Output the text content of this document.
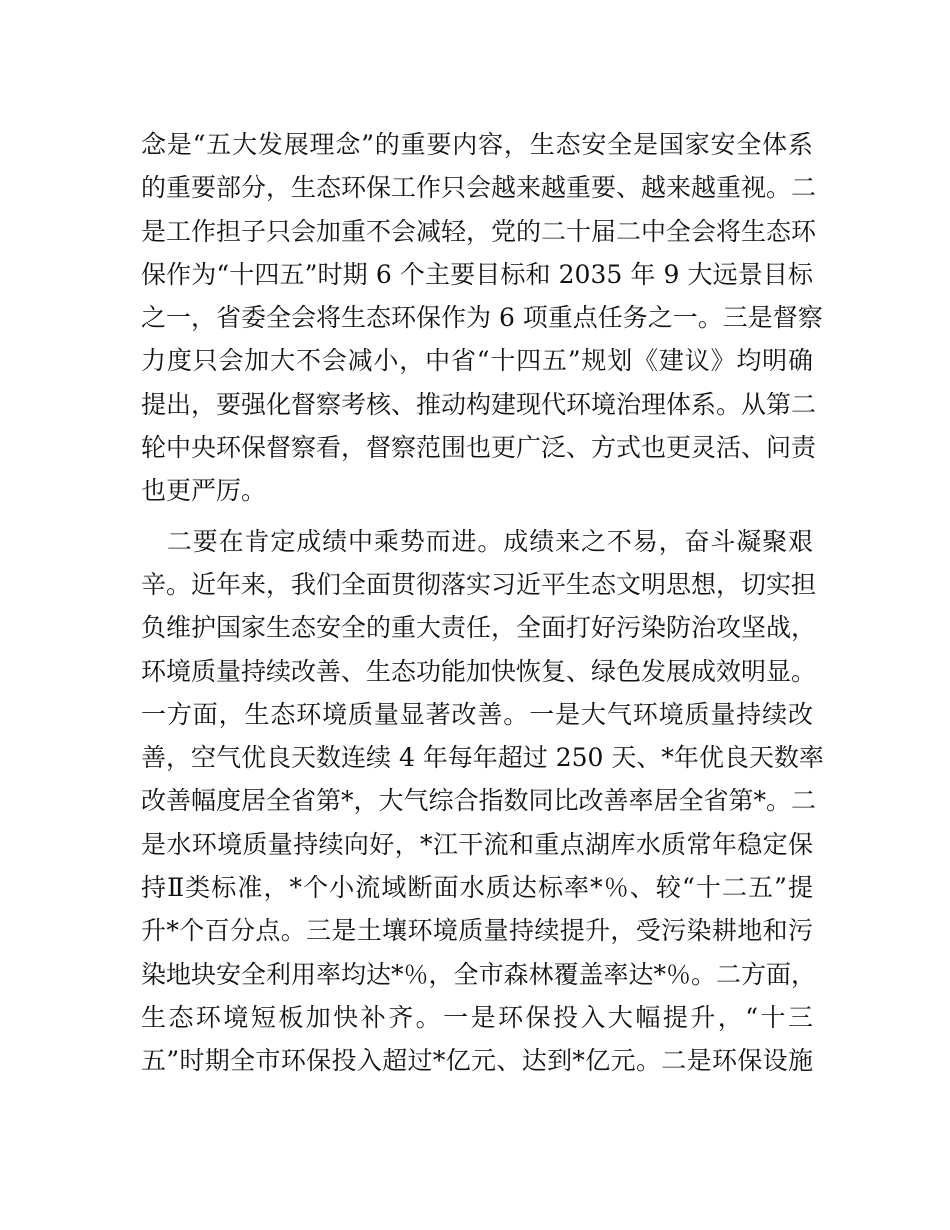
念是“五大发展理念”的重要内容，生态安全是国家安全体系
的重要部分，生态环保工作只会越来越重要、越来越重视。二
是工作担子只会加重不会减轻，党的二十届二中全会将生态环
保作为“十四五”时期 6 个主要目标和 2035 年 9 大远景目标
之一，省委全会将生态环保作为 6 项重点任务之一。三是督察
力度只会加大不会减小，中省“十四五”规划《建议》均明确
提出，要强化督察考核、推动构建现代环境治理体系。从第二
轮中央环保督察看，督察范围也更广泛、方式也更灵活、问责
也更严厉。
　二要在肯定成绩中乘势而进。成绩来之不易，奋斗凝聚艰
辛。近年来，我们全面贯彻落实习近平生态文明思想，切实担
负维护国家生态安全的重大责任，全面打好污染防治攻坚战，
环境质量持续改善、生态功能加快恢复、绿色发展成效明显。
一方面，生态环境质量显著改善。一是大气环境质量持续改
善，空气优良天数连续 4 年每年超过 250 天、*年优良天数率
改善幅度居全省第*，大气综合指数同比改善率居全省第*。二
是水环境质量持续向好，*江干流和重点湖库水质常年稳定保
持Ⅱ类标准，*个小流域断面水质达标率*％、较“十二五”提
升*个百分点。三是土壤环境质量持续提升，受污染耕地和污
染地块安全利用率均达*％，全市森林覆盖率达*％。二方面，
生态环境短板加快补齐。一是环保投入大幅提升，“十三
五”时期全市环保投入超过*亿元、达到*亿元。二是环保设施
